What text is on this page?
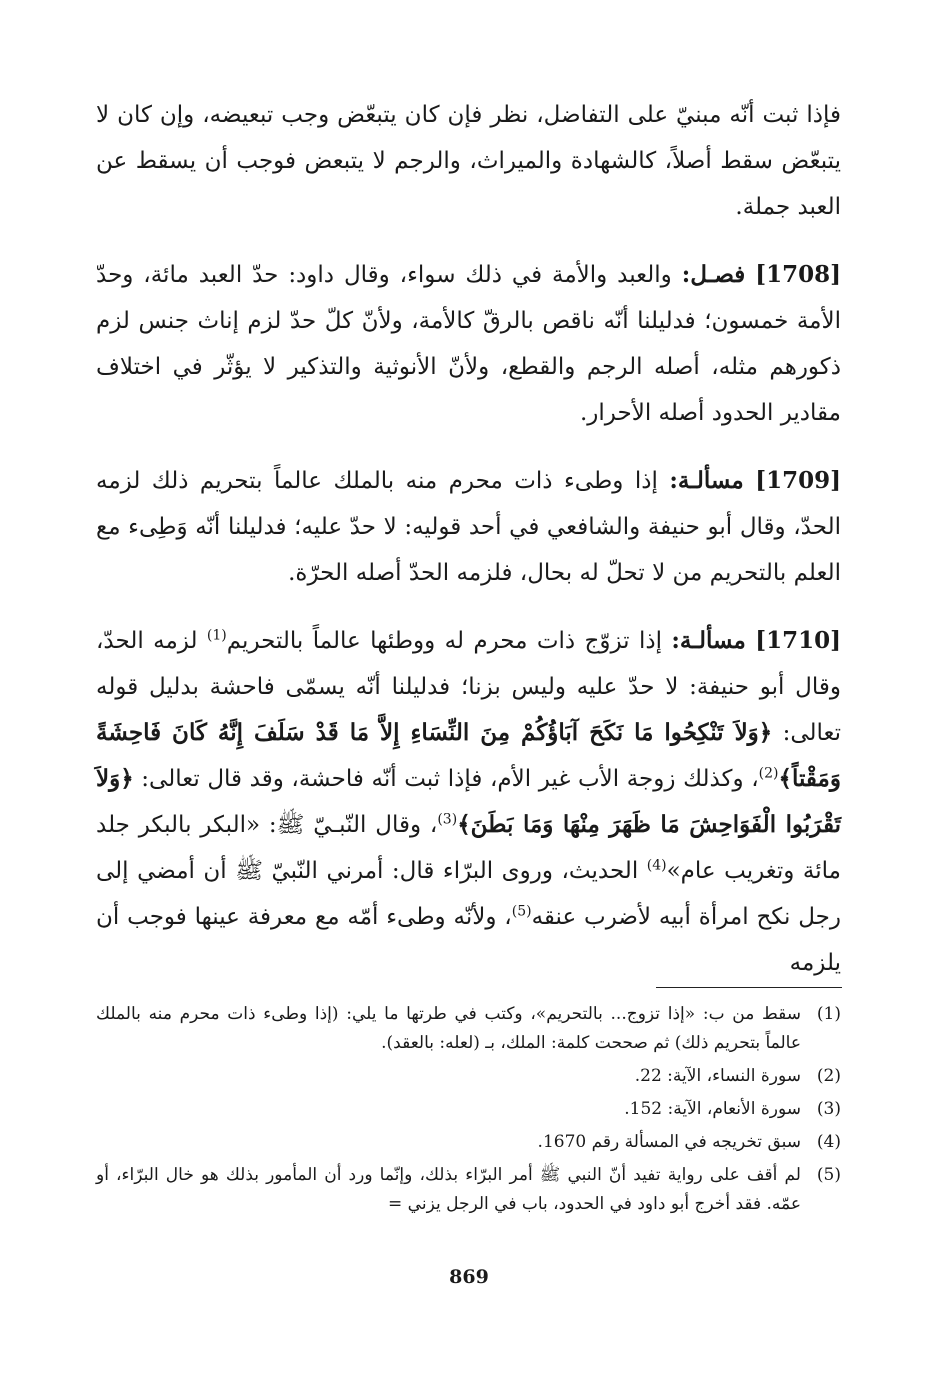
فإذا ثبت أنّه مبنيّ على التفاضل، نظر فإن كان يتبعّض وجب تبعيضه، وإن كان لا يتبعّض سقط أصلاً، كالشهادة والميراث، والرجم لا يتبعض فوجب أن يسقط عن العبد جملة.

[1708] فصـل: والعبد والأمة في ذلك سواء، وقال داود: حدّ العبد مائة، وحدّ الأمة خمسون؛ فدليلنا أنّه ناقص بالرقّ كالأمة، ولأنّ كلّ حدّ لزم إناث جنس لزم ذكورهم مثله، أصله الرجم والقطع، ولأنّ الأنوثية والتذكير لا يؤثّر في اختلاف مقادير الحدود أصله الأحرار.

[1709] مسألـة: إذا وطىء ذات محرم منه بالملك عالماً بتحريم ذلك لزمه الحدّ، وقال أبو حنيفة والشافعي في أحد قوليه: لا حدّ عليه؛ فدليلنا أنّه وَطِىء مع العلم بالتحريم من لا تحلّ له بحال، فلزمه الحدّ أصله الحرّة.

[1710] مسألـة: إذا تزوّج ذات محرم له ووطئها عالماً بالتحريم$^{(1)}$ لزمه الحدّ، وقال أبو حنيفة: لا حدّ عليه وليس بزنا؛ فدليلنا أنّه يسمّى فاحشة بدليل قوله تعالى: ﴿وَلاَ تَنْكِحُوا مَا نَكَحَ آبَاؤُكُمْ مِنَ النِّسَاءِ إِلاَّ مَا قَدْ سَلَفَ إِنَّهُ كَانَ فَاحِشَةً وَمَقْتاً﴾$^{(2)}$، وكذلك زوجة الأب غير الأم، فإذا ثبت أنّه فاحشة، وقد قال تعالى: ﴿وَلاَ تَقْرَبُوا الْفَوَاحِشَ مَا ظَهَرَ مِنْهَا وَمَا بَطَنَ﴾$^{(3)}$، وقال النّبـيّ ﷺ: «البكر بالبكر جلد مائة وتغريب عام»$^{(4)}$ الحديث، وروى البرّاء قال: أمرني النّبيّ ﷺ أن أمضي إلى رجل نكح امرأة أبيه لأضرب عنقه$^{(5)}$، ولأنّه وطىء أمّه مع معرفة عينها فوجب أن يلزمه

(1)
سقط من ب: «إذا تزوج... بالتحريم»، وكتب في طرتها ما يلي: (إذا وطىء ذات محرم منه بالملك عالماً بتحريم ذلك) ثم صححت كلمة: الملك، بـ (لعله: بالعقد).
(2)
سورة النساء، الآية: 22.
(3)
سورة الأنعام، الآية: 152.
(4)
سبق تخريجه في المسألة رقم 1670.
(5)
لم أقف على رواية تفيد أنّ النبي ﷺ أمر البرّاء بذلك، وإنّما ورد أن المأمور بذلك هو خال البرّاء، أو عمّه. فقد أخرج أبو داود في الحدود، باب في الرجل يزني =
869
